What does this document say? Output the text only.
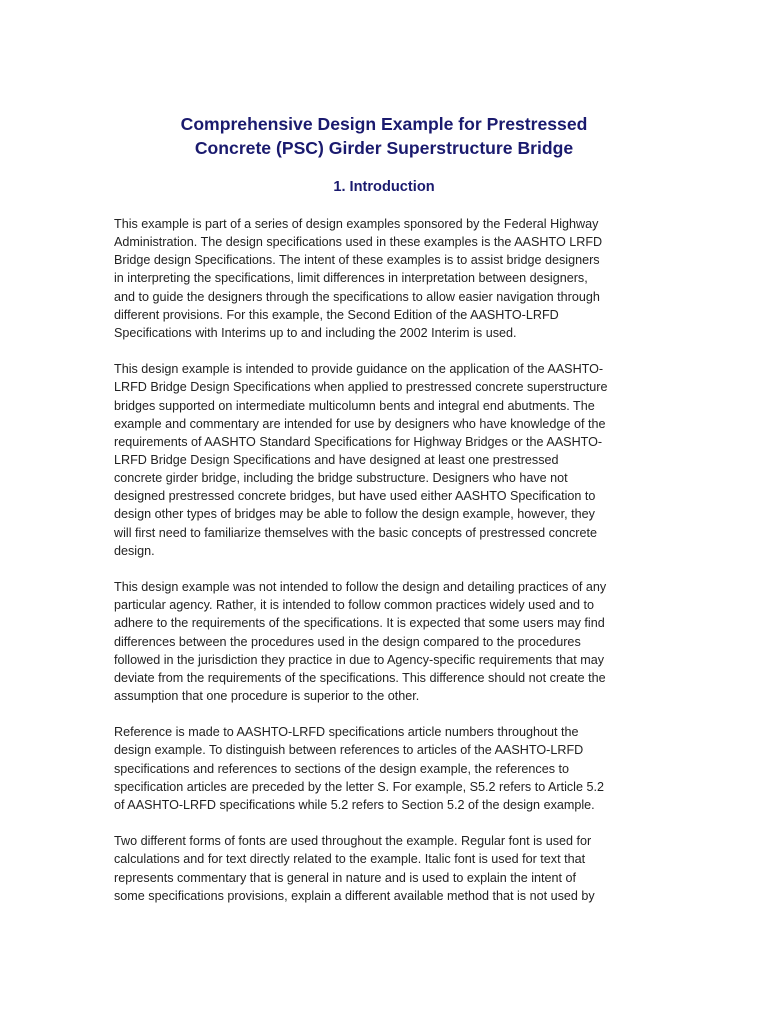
Comprehensive Design Example for Prestressed
Concrete (PSC) Girder Superstructure Bridge
1. Introduction

This example is part of a series of design examples sponsored by the Federal Highway
Administration. The design specifications used in these examples is the AASHTO LRFD
Bridge design Specifications. The intent of these examples is to assist bridge designers
in interpreting the specifications, limit differences in interpretation between designers,
and to guide the designers through the specifications to allow easier navigation through
different provisions. For this example, the Second Edition of the AASHTO-LRFD
Specifications with Interims up to and including the 2002 Interim is used.

This design example is intended to provide guidance on the application of the AASHTO-
LRFD Bridge Design Specifications when applied to prestressed concrete superstructure
bridges supported on intermediate multicolumn bents and integral end abutments. The
example and commentary are intended for use by designers who have knowledge of the
requirements of AASHTO Standard Specifications for Highway Bridges or the AASHTO-
LRFD Bridge Design Specifications and have designed at least one prestressed
concrete girder bridge, including the bridge substructure. Designers who have not
designed prestressed concrete bridges, but have used either AASHTO Specification to
design other types of bridges may be able to follow the design example, however, they
will first need to familiarize themselves with the basic concepts of prestressed concrete
design.

This design example was not intended to follow the design and detailing practices of any
particular agency. Rather, it is intended to follow common practices widely used and to
adhere to the requirements of the specifications. It is expected that some users may find
differences between the procedures used in the design compared to the procedures
followed in the jurisdiction they practice in due to Agency-specific requirements that may
deviate from the requirements of the specifications. This difference should not create the
assumption that one procedure is superior to the other.

Reference is made to AASHTO-LRFD specifications article numbers throughout the
design example. To distinguish between references to articles of the AASHTO-LRFD
specifications and references to sections of the design example, the references to
specification articles are preceded by the letter S. For example, S5.2 refers to Article 5.2
of AASHTO-LRFD specifications while 5.2 refers to Section 5.2 of the design example.

Two different forms of fonts are used throughout the example. Regular font is used for
calculations and for text directly related to the example. Italic font is used for text that
represents commentary that is general in nature and is used to explain the intent of
some specifications provisions, explain a different available method that is not used by
